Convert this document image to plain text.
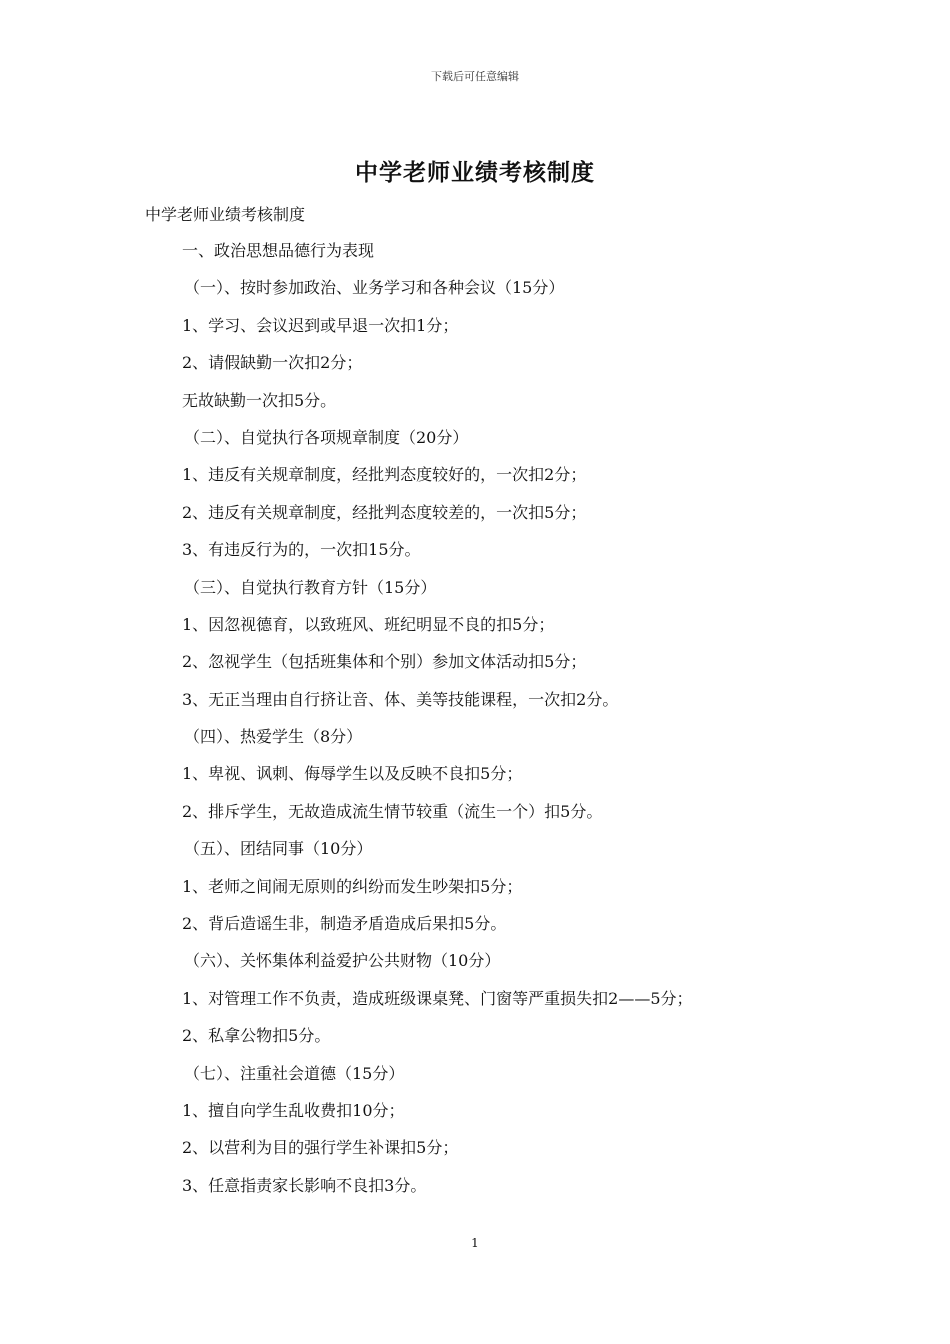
下载后可任意编辑
中学老师业绩考核制度
中学老师业绩考核制度
一、政治思想品德行为表现
（一）、按时参加政治、业务学习和各种会议（15分）
1、学习、会议迟到或早退一次扣1分；
2、请假缺勤一次扣2分；
无故缺勤一次扣5分。
（二）、自觉执行各项规章制度（20分）
1、违反有关规章制度，经批判态度较好的，一次扣2分；
2、违反有关规章制度，经批判态度较差的，一次扣5分；
3、有违反行为的，一次扣15分。
（三）、自觉执行教育方针（15分）
1、因忽视德育，以致班风、班纪明显不良的扣5分；
2、忽视学生（包括班集体和个别）参加文体活动扣5分；
3、无正当理由自行挤让音、体、美等技能课程，一次扣2分。
（四）、热爱学生（8分）
1、卑视、讽刺、侮辱学生以及反映不良扣5分；
2、排斥学生，无故造成流生情节较重（流生一个）扣5分。
（五）、团结同事（10分）
1、老师之间闹无原则的纠纷而发生吵架扣5分；
2、背后造谣生非，制造矛盾造成后果扣5分。
（六）、关怀集体利益爱护公共财物（10分）
1、对管理工作不负责，造成班级课桌凳、门窗等严重损失扣2——5分；
2、私拿公物扣5分。
（七）、注重社会道德（15分）
1、擅自向学生乱收费扣10分；
2、以营利为目的强行学生补课扣5分；
3、任意指责家长影响不良扣3分。
1
